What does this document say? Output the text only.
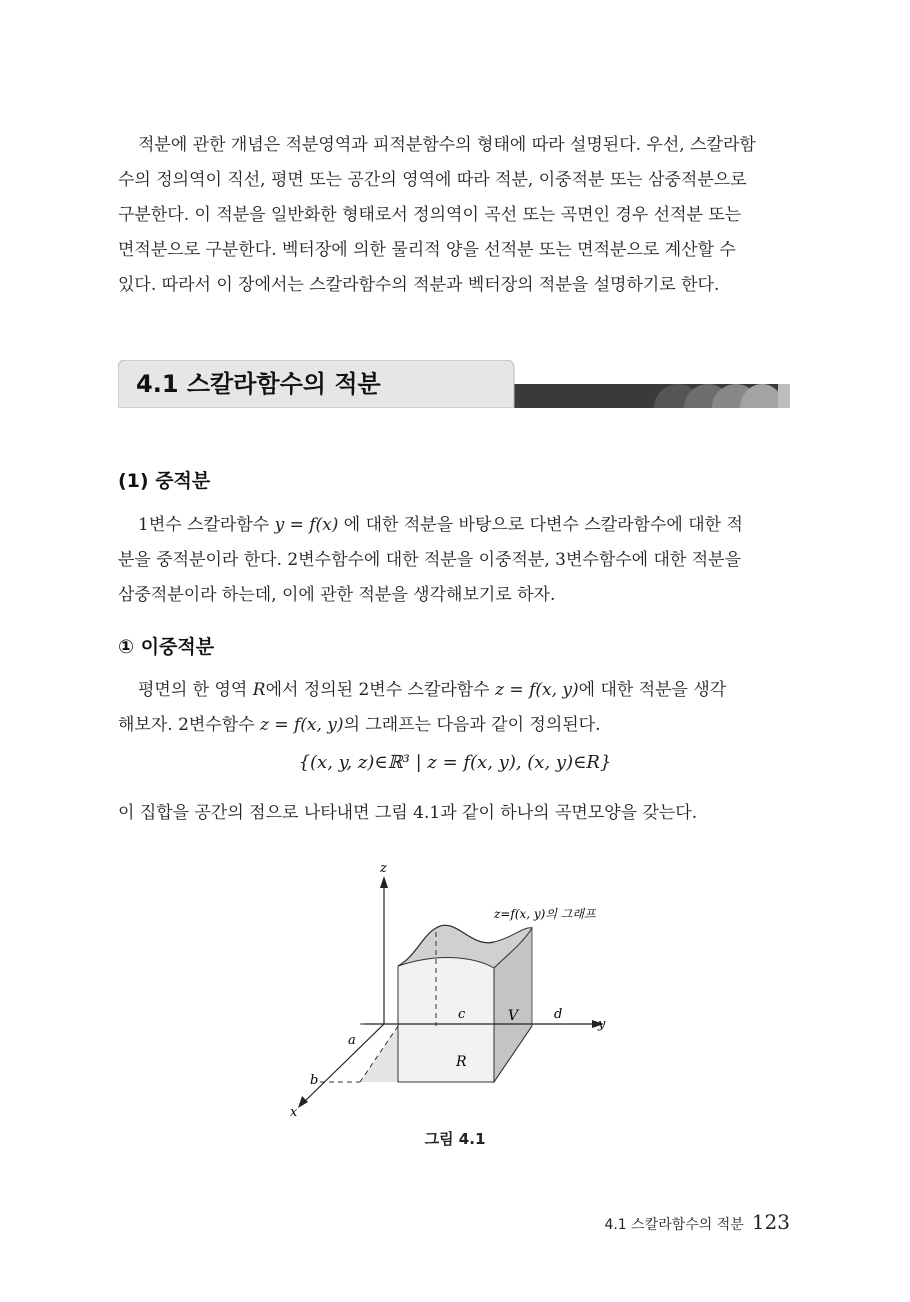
적분에 관한 개념은 적분영역과 피적분함수의 형태에 따라 설명된다. 우선, 스칼라함
수의 정의역이 직선, 평면 또는 공간의 영역에 따라 적분, 이중적분 또는 삼중적분으로
구분한다. 이 적분을 일반화한 형태로서 정의역이 곡선 또는 곡면인 경우 선적분 또는
면적분으로 구분한다. 벡터장에 의한 물리적 양을 선적분 또는 면적분으로 계산할 수
있다. 따라서 이 장에서는 스칼라함수의 적분과 벡터장의 적분을 설명하기로 한다.
4.1 스칼라함수의 적분
(1) 중적분
1변수 스칼라함수 y = f(x) 에 대한 적분을 바탕으로 다변수 스칼라함수에 대한 적
분을 중적분이라 한다. 2변수함수에 대한 적분을 이중적분, 3변수함수에 대한 적분을
삼중적분이라 하는데, 이에 관한 적분을 생각해보기로 하자.
① 이중적분
평면의 한 영역 R에서 정의된 2변수 스칼라함수 z = f(x, y)에 대한 적분을 생각
해보자. 2변수함수 z = f(x, y)의 그래프는 다음과 같이 정의된다.
{(x, y, z)∈ℝ³ | z = f(x, y), (x, y)∈R}
이 집합을 공간의 점으로 나타내면 그림 4.1과 같이 하나의 곡면모양을 갖는다.
z
y
x
a
b
c	d
V
R
z=f(x, y)의 그래프
그림 4.1
4.1 스칼라함수의 적분 123
